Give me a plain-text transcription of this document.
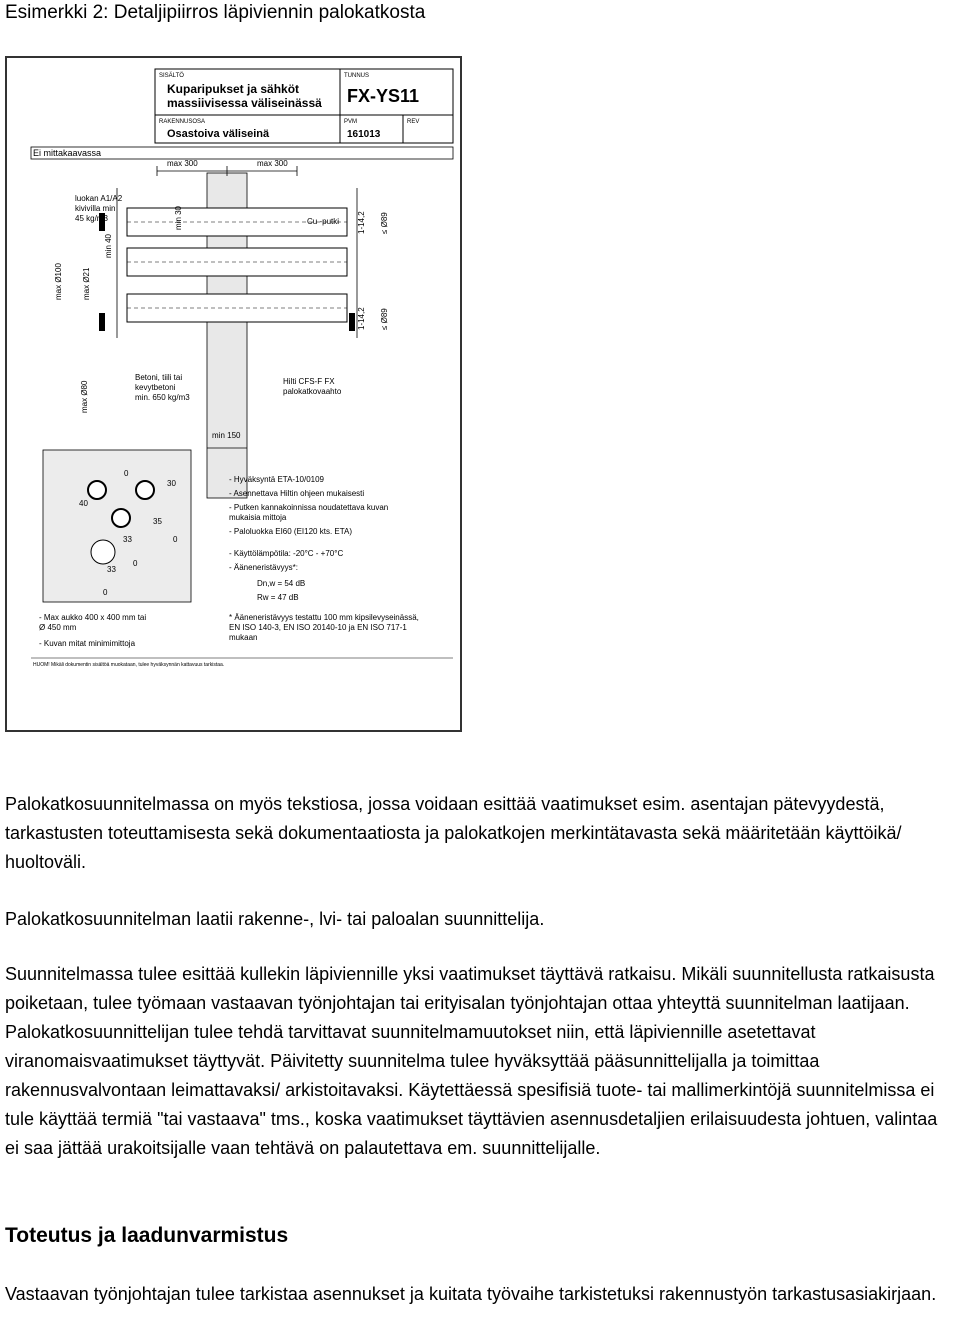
Esimerkki 2: Detaljipiirros läpiviennin palokatkosta
SISÄLTÖ
Kuparipukset ja sähköt
massiivisessa väliseinässä
TUNNUS
FX-YS11
RAKENNUSOSA
Osastoiva väliseinä
PVM
161013
REV
Ei mittakaavassa
max 300	max 300
luokan A1/A2
kivivilla min
45 kg/m3	min 30
min 40
max Ø100 max Ø21
Cu -putki 1-14,2 ≤ Ø89
1-14,2 ≤ Ø89
max Ø80
Betoni, tiili tai
kevytbetoni
min. 650 kg/m3
Hilti CFS-F FX
palokatkovaahto
min 150
0
30
40
35
33	0
33
0
0
- Hyväksyntä ETA-10/0109
- Asennettava Hiltin ohjeen mukaisesti
- Putken kannakoinnissa noudatettava kuvan
mukaisia mittoja
- Paloluokka EI60 (EI120 kts. ETA)
- Käyttölämpötila: -20°C - +70°C
- Ääneneristävyys*:
Dn,w = 54 dB
Rw = 47 dB
- Max aukko 400 x 400 mm tai
Ø 450 mm
- Kuvan mitat minimimittoja
* Ääneneristävyys testattu 100 mm kipsilevyseinässä,
EN ISO 140-3, EN ISO 20140-10 ja EN ISO 717-1
mukaan
HUOM! Mikäli dokumentin sisältöä muokataan, tulee hyväksynnän kattavuus tarkistaa.
Palokatkosuunnitelmassa on myös tekstiosa, jossa voidaan esittää vaatimukset esim. asentajan pätevyydestä, tarkastusten toteuttamisesta sekä dokumentaatiosta ja palokatkojen merkintätavasta sekä määritetään käyttöikä/ huoltoväli.
Palokatkosuunnitelman laatii rakenne-, lvi- tai paloalan suunnittelija.
Suunnitelmassa tulee esittää kullekin läpiviennille yksi vaatimukset täyttävä ratkaisu. Mikäli suunnitellusta ratkaisusta poiketaan, tulee työmaan vastaavan työnjohtajan tai erityisalan työnjohtajan ottaa yhteyttä suunnitelman laatijaan. Palokatkosuunnittelijan tulee tehdä tarvittavat suunnitelmamuutokset niin, että läpiviennille asetettavat viranomaisvaatimukset täyttyvät. Päivitetty suunnitelma tulee hyväksyttää pääsunnittelijalla ja toimittaa rakennusvalvontaan leimattavaksi/ arkistoitavaksi. Käytettäessä spesifisiä tuote- tai mallimerkintöjä suunnitelmissa ei tule käyttää termiä "tai vastaava" tms., koska vaatimukset täyttävien asennusdetaljien erilaisuudesta johtuen, valintaa ei saa jättää urakoitsijalle vaan tehtävä on palautettava em. suunnittelijalle.
Toteutus ja laadunvarmistus
Vastaavan työnjohtajan tulee tarkistaa asennukset ja kuitata työvaihe tarkistetuksi rakennustyön tarkastusasiakirjaan.
